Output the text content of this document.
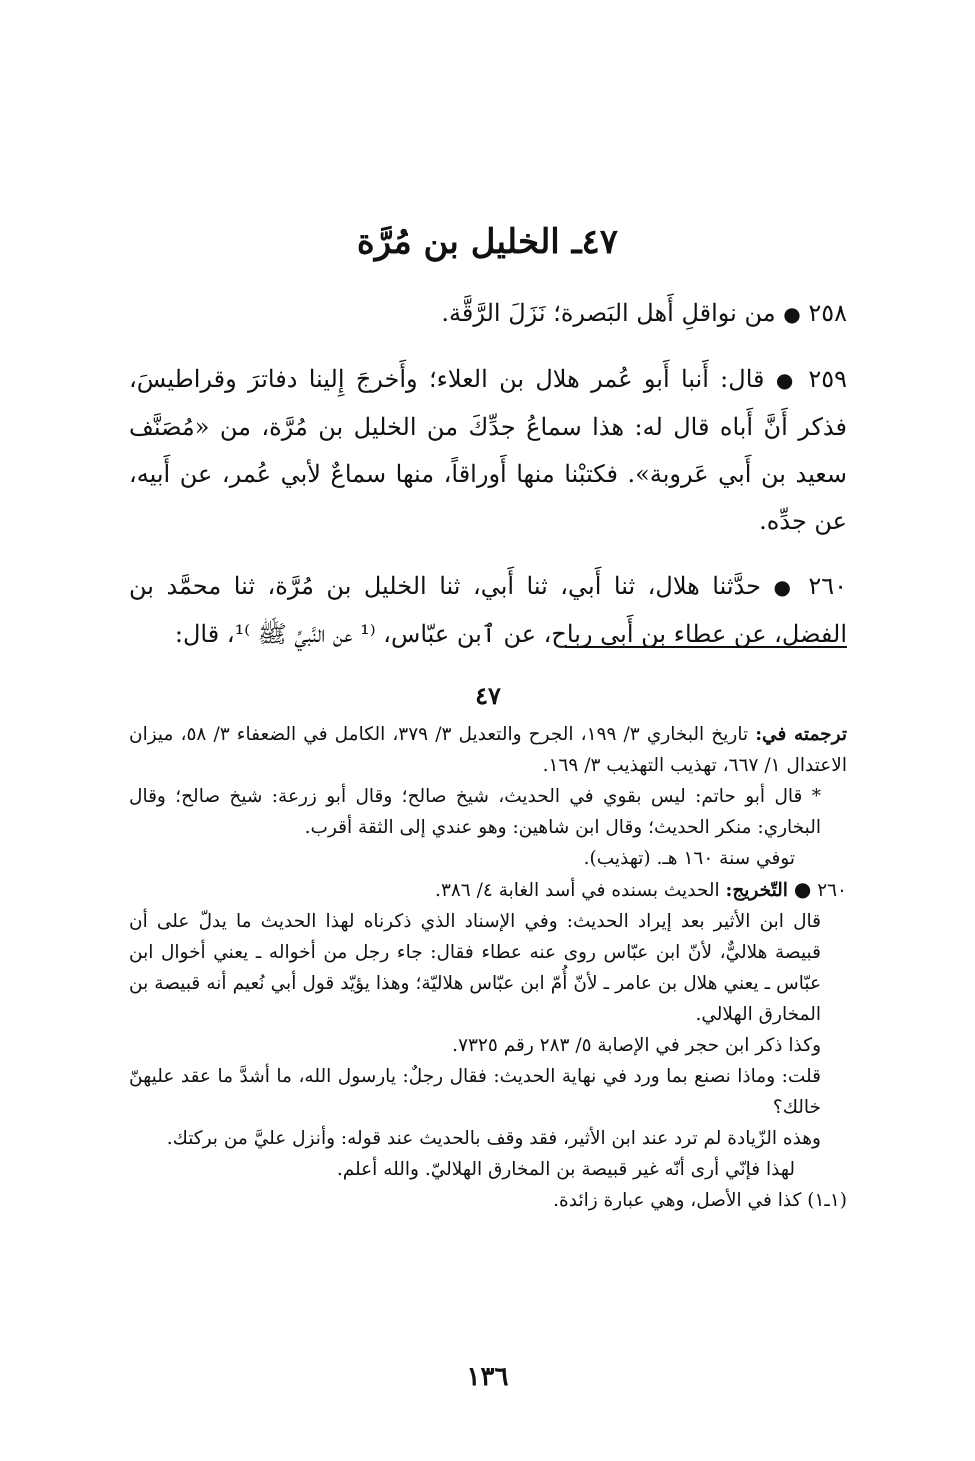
٤٧ـ الخليل بن مُرَّة

٢٥٨ ● من نواقلِ أَهل البَصرة؛ نَزَلَ الرَّقَّة.

٢٥٩ ● قال: أَنبا أَبو عُمر هلال بن العلاء؛ وأَخرجَ إِلينا دفاترَ وقراطيسَ، فذكر أَنَّ أَباه قال له: هذا سماعُ جدِّكَ من الخليل بن مُرَّة، من «مُصَنَّف سعيد بن أَبي عَروبة». فكتبْنا منها أَوراقاً، منها سماعٌ لأبي عُمر، عن أَبيه، عن جدِّه.

٢٦٠ ● حدَّثنا هلال، ثنا أَبي، ثنا أَبي، ثنا الخليل بن مُرَّة، ثنا محمَّد بن الفضل، عن عطاء بن أَبي رباح، عن ٱبن عبّاس، ⁽¹ عن النَّبيِّ ﷺ ⁾¹، قال:

٤٧

ترجمته في: تاريخ البخاري ٣/ ١٩٩، الجرح والتعديل ٣/ ٣٧٩، الكامل في الضعفاء ٣/ ٥٨، ميزان الاعتدال ١/ ٦٦٧، تهذيب التهذيب ٣/ ١٦٩.

* قال أبو حاتم: ليس بقوي في الحديث، شيخ صالح؛ وقال أبو زرعة: شيخ صالح؛ وقال البخاري: منكر الحديث؛ وقال ابن شاهين: وهو عندي إلى الثقة أقرب.

توفي سنة ١٦٠ هـ. (تهذيب).

٢٦٠ ● التّخريج: الحديث بسنده في أسد الغابة ٤/ ٣٨٦.

قال ابن الأثير بعد إيراد الحديث: وفي الإسناد الذي ذكرناه لهذا الحديث ما يدلّ على أن قبيصة هلاليٌّ، لأنّ ابن عبّاس روى عنه عطاء فقال: جاء رجل من أخواله ـ يعني أخوال ابن عبّاس ـ يعني هلال بن عامر ـ لأنّ أُمّ ابن عبّاس هلاليّة؛ وهذا يؤيّد قول أبي نُعيم أنه قبيصة بن المخارق الهلالي.

وكذا ذكر ابن حجر في الإصابة ٥/ ٢٨٣ رقم ٧٣٢٥.

قلت: وماذا نصنع بما ورد في نهاية الحديث: فقال رجلٌ: يارسول الله، ما أشدَّ ما عقد عليهنّ خالك؟

وهذه الزّيادة لم ترد عند ابن الأثير، فقد وقف بالحديث عند قوله: وأنزل عليَّ من بركتك.

لهذا فإنّي أرى أنّه غير قبيصة بن المخارق الهلاليّ. والله أعلم.

(١ـ١) كذا في الأصل، وهي عبارة زائدة.

١٣٦
